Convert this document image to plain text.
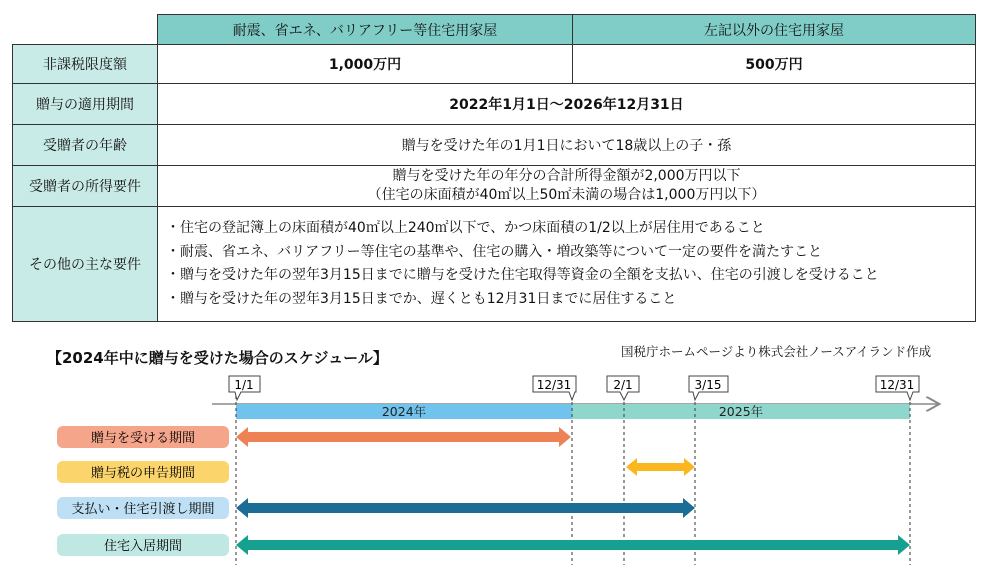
	耐震、省エネ、バリアフリー等住宅用家屋	左記以外の住宅用家屋
非課税限度額	1,000万円	500万円
贈与の適用期間	2022年1月1日～2026年12月31日	
受贈者の年齢	贈与を受けた年の1月1日において18歳以上の子・孫	
受贈者の所得要件	贈与を受けた年の年分の合計所得金額が2,000万円以下
（住宅の床面積が40㎡以上50㎡未満の場合は1,000万円以下）	

その他の主な要件	・住宅の登記簿上の床面積が40㎡以上240㎡以下で、かつ床面積の1/2以上が居住用であること
・耐震、省エネ、バリアフリー等住宅の基準や、住宅の購入・増改築等について一定の要件を満たすこと
・贈与を受けた年の翌年3月15日までに贈与を受けた住宅取得等資金の全額を支払い、住宅の引渡しを受けること
・贈与を受けた年の翌年3月15日までか、遅くとも12月31日までに居住すること	
【2024年中に贈与を受けた場合のスケジュール】	国税庁ホームページより株式会社ノースアイランド作成
2024年	2025年
1/1	12/31	2/1	3/15	12/31
贈与を受ける期間
贈与税の申告期間
支払い・住宅引渡し期間
住宅入居期間
